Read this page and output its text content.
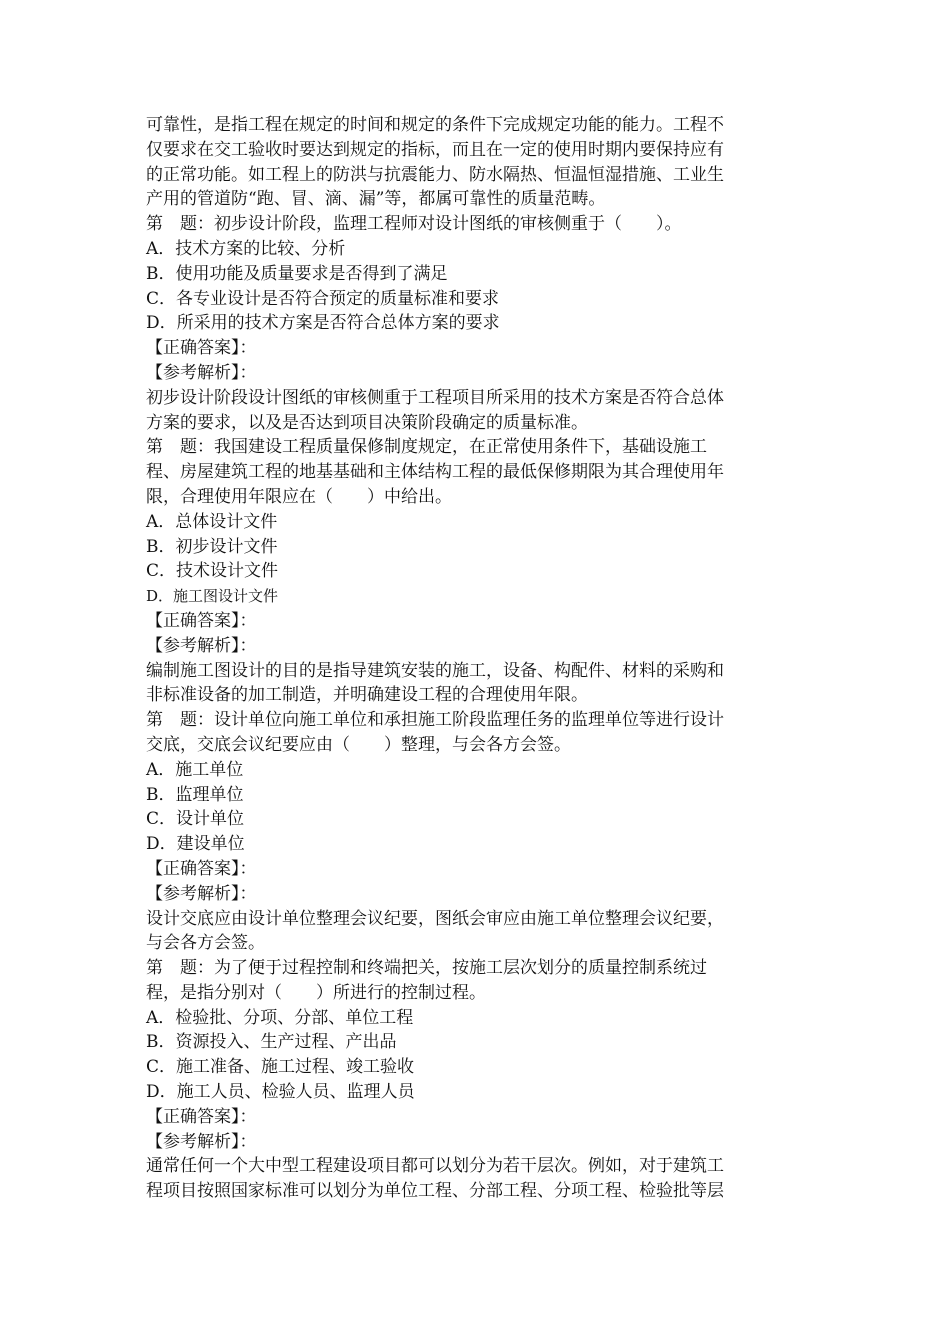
可靠性，是指工程在规定的时间和规定的条件下完成规定功能的能力。工程不

仅要求在交工验收时要达到规定的指标，而且在一定的使用时期内要保持应有

的正常功能。如工程上的防洪与抗震能力、防水隔热、恒温恒湿措施、工业生

产用的管道防“跑、冒、滴、漏”等，都属可靠性的质量范畴。

第　题：初步设计阶段，监理工程师对设计图纸的审核侧重于（　　）。

A．技术方案的比较、分析

B．使用功能及质量要求是否得到了满足

C．各专业设计是否符合预定的质量标准和要求

D．所采用的技术方案是否符合总体方案的要求

【正确答案】：

【参考解析】：

初步设计阶段设计图纸的审核侧重于工程项目所采用的技术方案是否符合总体

方案的要求，以及是否达到项目决策阶段确定的质量标准。

第　题：我国建设工程质量保修制度规定，在正常使用条件下，基础设施工

程、房屋建筑工程的地基基础和主体结构工程的最低保修期限为其合理使用年

限，合理使用年限应在（　　）中给出。

A．总体设计文件

B．初步设计文件

C．技术设计文件

D．施工图设计文件

【正确答案】：

【参考解析】：

编制施工图设计的目的是指导建筑安装的施工，设备、构配件、材料的采购和

非标准设备的加工制造，并明确建设工程的合理使用年限。

第　题：设计单位向施工单位和承担施工阶段监理任务的监理单位等进行设计

交底，交底会议纪要应由（　　）整理，与会各方会签。

A．施工单位

B．监理单位

C．设计单位

D．建设单位

【正确答案】：

【参考解析】：

设计交底应由设计单位整理会议纪要，图纸会审应由施工单位整理会议纪要，

与会各方会签。

第　题：为了便于过程控制和终端把关，按施工层次划分的质量控制系统过

程，是指分别对（　　）所进行的控制过程。

A．检验批、分项、分部、单位工程

B．资源投入、生产过程、产出品

C．施工准备、施工过程、竣工验收

D．施工人员、检验人员、监理人员

【正确答案】：

【参考解析】：

通常任何一个大中型工程建设项目都可以划分为若干层次。例如，对于建筑工

程项目按照国家标准可以划分为单位工程、分部工程、分项工程、检验批等层
